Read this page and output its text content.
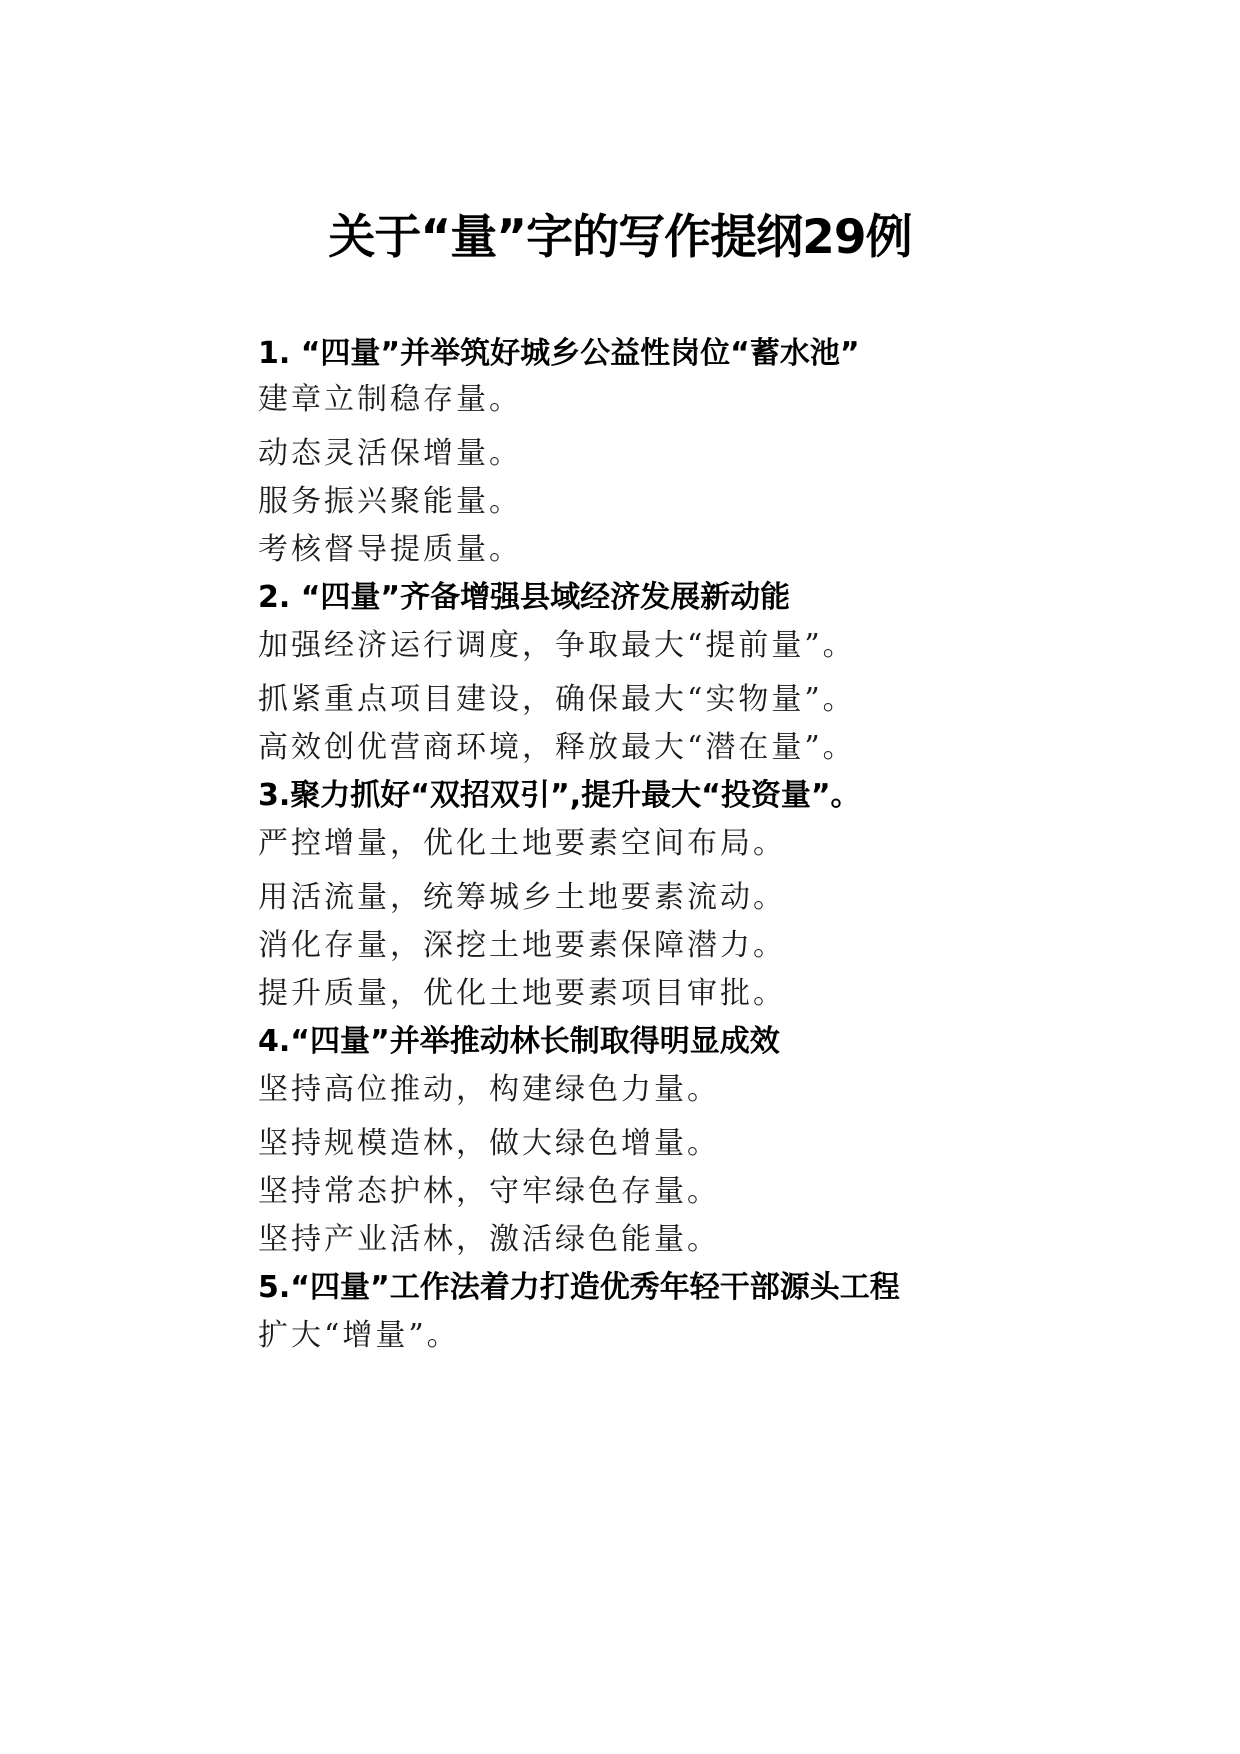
关于“量”字的写作提纲29例

1. “四量”并举筑好城乡公益性岗位“蓄水池”

建章立制稳存量。

动态灵活保增量。

服务振兴聚能量。

考核督导提质量。

2. “四量”齐备增强县域经济发展新动能

加强经济运行调度，争取最大“提前量”。

抓紧重点项目建设，确保最大“实物量”。

高效创优营商环境，释放最大“潜在量”。

3.聚力抓好“双招双引”,提升最大“投资量”。

严控增量，优化土地要素空间布局。

用活流量，统筹城乡土地要素流动。

消化存量，深挖土地要素保障潜力。

提升质量，优化土地要素项目审批。

4.“四量”并举推动林长制取得明显成效

坚持高位推动，构建绿色力量。

坚持规模造林，做大绿色增量。

坚持常态护林，守牢绿色存量。

坚持产业活林，激活绿色能量。

5.“四量”工作法着力打造优秀年轻干部源头工程

扩大“增量”。
